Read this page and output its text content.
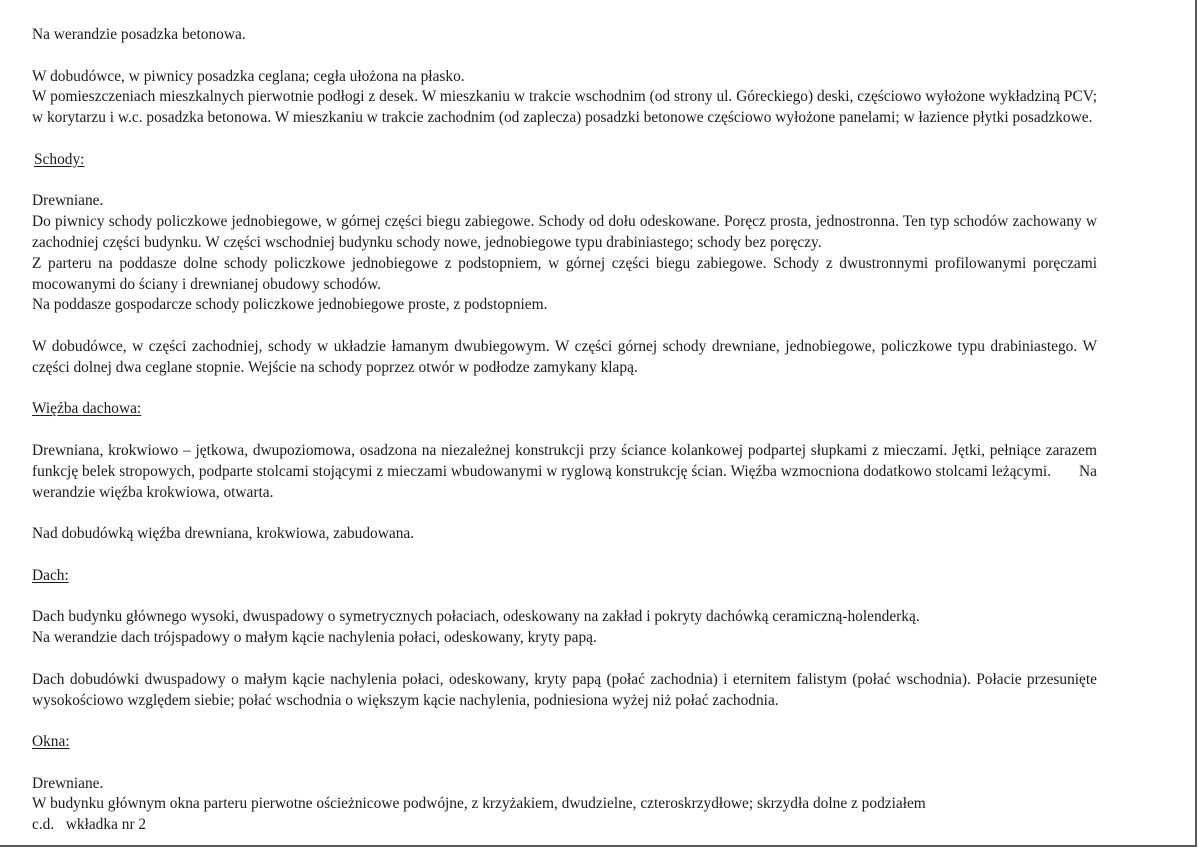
Na werandzie posadzka betonowa.

W dobudówce, w piwnicy posadzka ceglana; cegła ułożona na płasko.

W pomieszczeniach mieszkalnych pierwotnie podłogi z desek. W mieszkaniu w trakcie wschodnim (od strony ul. Góreckiego) deski, częściowo wyłożone wykładziną PCV; w korytarzu i w.c. posadzka betonowa. W mieszkaniu w trakcie zachodnim (od zaplecza) posadzki betonowe częściowo wyłożone panelami; w łazience płytki posadzkowe.

Schody:

Drewniane.

Do piwnicy schody policzkowe jednobiegowe, w górnej części biegu zabiegowe. Schody od dołu odeskowane. Poręcz prosta, jednostronna. Ten typ schodów zachowany w zachodniej części budynku. W części wschodniej budynku schody nowe, jednobiegowe typu drabiniastego; schody bez poręczy.

Z parteru na poddasze dolne schody policzkowe jednobiegowe z podstopniem, w górnej części biegu zabiegowe. Schody z dwustronnymi profilowanymi poręczami mocowanymi do ściany i drewnianej obudowy schodów.

Na poddasze gospodarcze schody policzkowe jednobiegowe proste, z podstopniem.

W dobudówce, w części zachodniej, schody w układzie łamanym dwubiegowym. W części górnej schody drewniane, jednobiegowe, policzkowe typu drabiniastego. W części dolnej dwa ceglane stopnie. Wejście na schody poprzez otwór w podłodze zamykany klapą.

Więźba dachowa:

Drewniana, krokwiowo – jętkowa, dwupoziomowa, osadzona na niezależnej konstrukcji przy ściance kolankowej podpartej słupkami z mieczami. Jętki, pełniące zarazem funkcję belek stropowych, podparte stolcami stojącymi z mieczami wbudowanymi w ryglową konstrukcję ścian. Więźba wzmocniona dodatkowo stolcami leżącymi. Na werandzie więźba krokwiowa, otwarta.

Nad dobudówką więźba drewniana, krokwiowa, zabudowana.

Dach:

Dach budynku głównego wysoki, dwuspadowy o symetrycznych połaciach, odeskowany na zakład i pokryty dachówką ceramiczną-holenderką.

Na werandzie dach trójspadowy o małym kącie nachylenia połaci, odeskowany, kryty papą.

Dach dobudówki dwuspadowy o małym kącie nachylenia połaci, odeskowany, kryty papą (połać zachodnia) i eternitem falistym (połać wschodnia). Połacie przesunięte wysokościowo względem siebie; połać wschodnia o większym kącie nachylenia, podniesiona wyżej niż połać zachodnia.

Okna:

Drewniane.

W budynku głównym okna parteru pierwotne ościeżnicowe podwójne, z krzyżakiem, dwudzielne, czteroskrzydłowe; skrzydła dolne z podziałem

c.d.   wkładka nr 2
